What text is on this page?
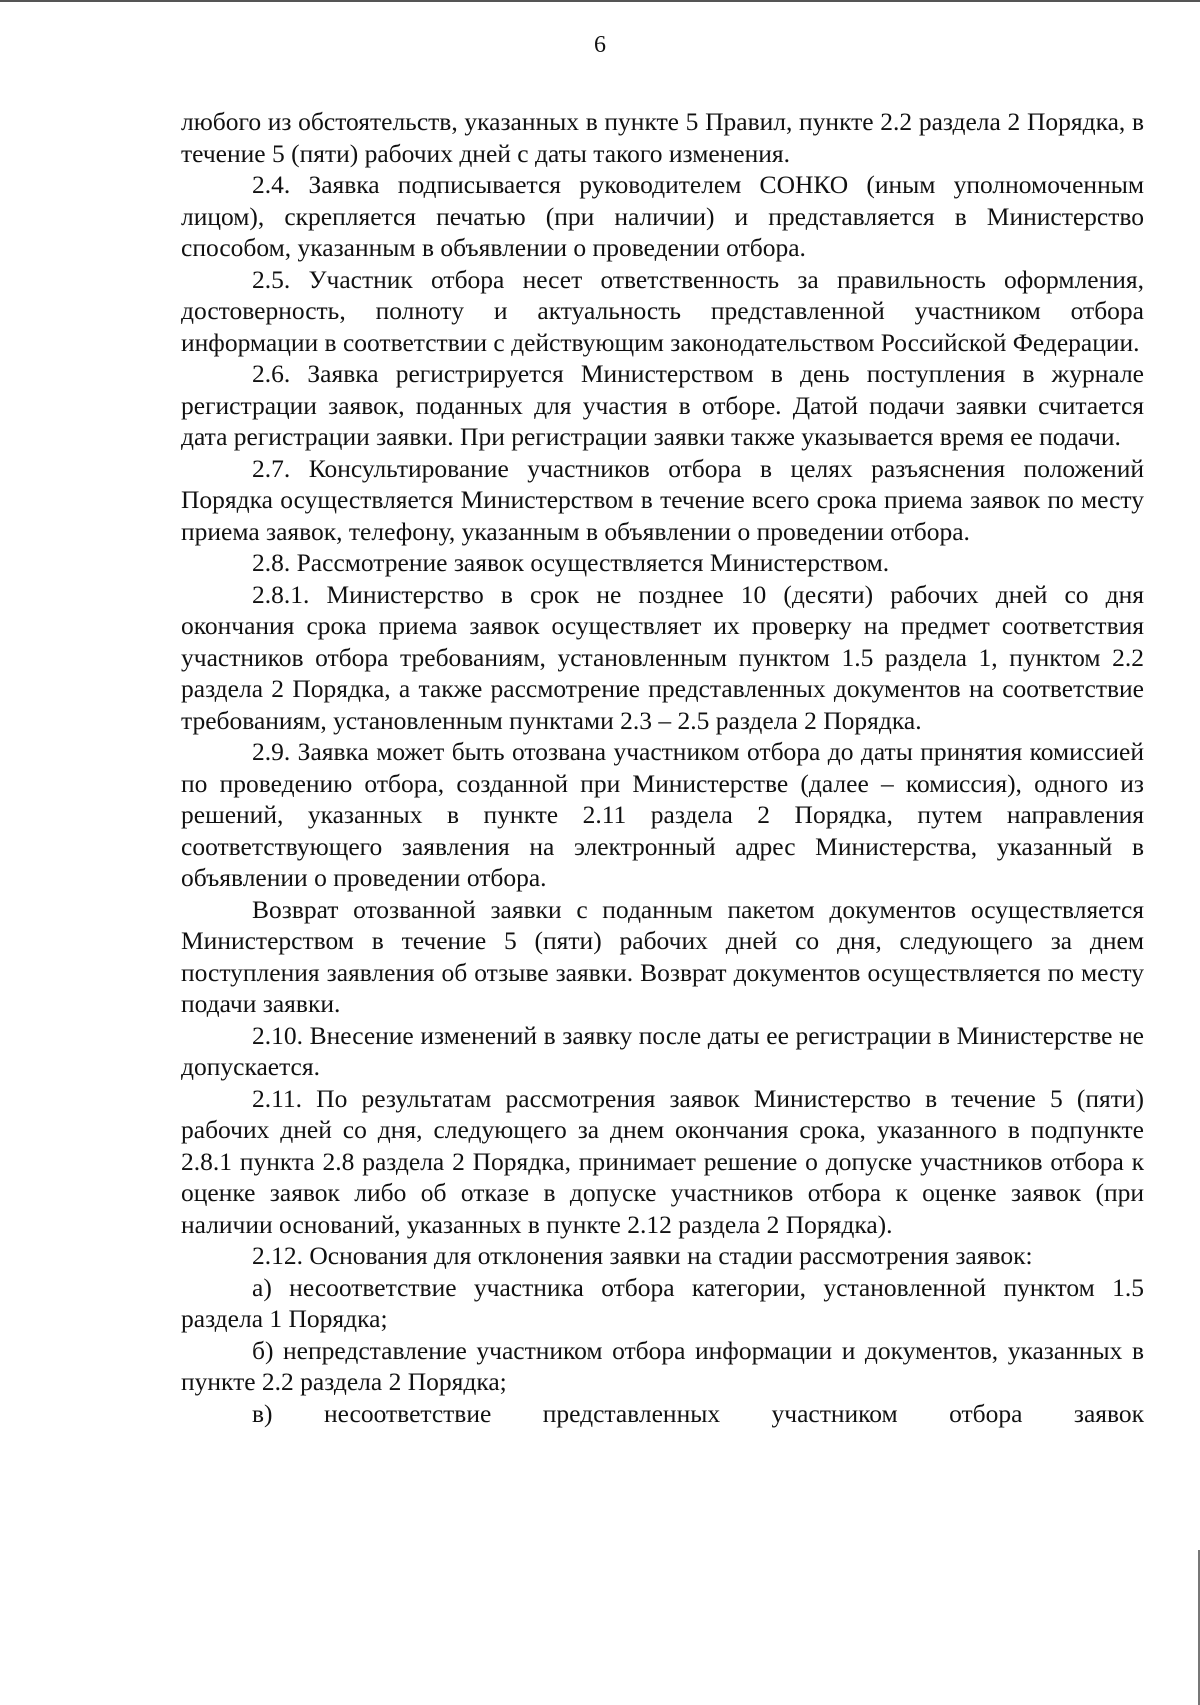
6

любого из обстоятельств, указанных в пункте 5 Правил, пункте 2.2 раздела 2 Порядка, в течение 5 (пяти) рабочих дней с даты такого изменения.

2.4. Заявка подписывается руководителем СОНКО (иным уполномоченным лицом), скрепляется печатью (при наличии) и представляется в Министерство способом, указанным в объявлении о проведении отбора.

2.5. Участник отбора несет ответственность за правильность оформления, достоверность, полноту и актуальность представленной участником отбора информации в соответствии с действующим законодательством Российской Федерации.

2.6. Заявка регистрируется Министерством в день поступления в журнале регистрации заявок, поданных для участия в отборе. Датой подачи заявки считается дата регистрации заявки. При регистрации заявки также указывается время ее подачи.

2.7. Консультирование участников отбора в целях разъяснения положений Порядка осуществляется Министерством в течение всего срока приема заявок по месту приема заявок, телефону, указанным в объявлении о проведении отбора.

2.8. Рассмотрение заявок осуществляется Министерством.

2.8.1. Министерство в срок не позднее 10 (десяти) рабочих дней со дня окончания срока приема заявок осуществляет их проверку на предмет соответствия участников отбора требованиям, установленным пунктом 1.5 раздела 1, пунктом 2.2 раздела 2 Порядка, а также рассмотрение представленных документов на соответствие требованиям, установленным пунктами 2.3 – 2.5 раздела 2 Порядка.

2.9. Заявка может быть отозвана участником отбора до даты принятия комиссией по проведению отбора, созданной при Министерстве (далее – комиссия), одного из решений, указанных в пункте 2.11 раздела 2 Порядка, путем направления соответствующего заявления на электронный адрес Министерства, указанный в объявлении о проведении отбора.

Возврат отозванной заявки с поданным пакетом документов осуществляется Министерством в течение 5 (пяти) рабочих дней со дня, следующего за днем поступления заявления об отзыве заявки. Возврат документов осуществляется по месту подачи заявки.

2.10. Внесение изменений в заявку после даты ее регистрации в Министерстве не допускается.

2.11. По результатам рассмотрения заявок Министерство в течение 5 (пяти) рабочих дней со дня, следующего за днем окончания срока, указанного в подпункте 2.8.1 пункта 2.8 раздела 2 Порядка, принимает решение о допуске участников отбора к оценке заявок либо об отказе в допуске участников отбора к оценке заявок (при наличии оснований, указанных в пункте 2.12 раздела 2 Порядка).

2.12. Основания для отклонения заявки на стадии рассмотрения заявок:

а) несоответствие участника отбора категории, установленной пунктом 1.5 раздела 1 Порядка;

б) непредставление участником отбора информации и документов, указанных в пункте 2.2 раздела 2 Порядка;

в) несоответствие представленных участником отбора заявок
